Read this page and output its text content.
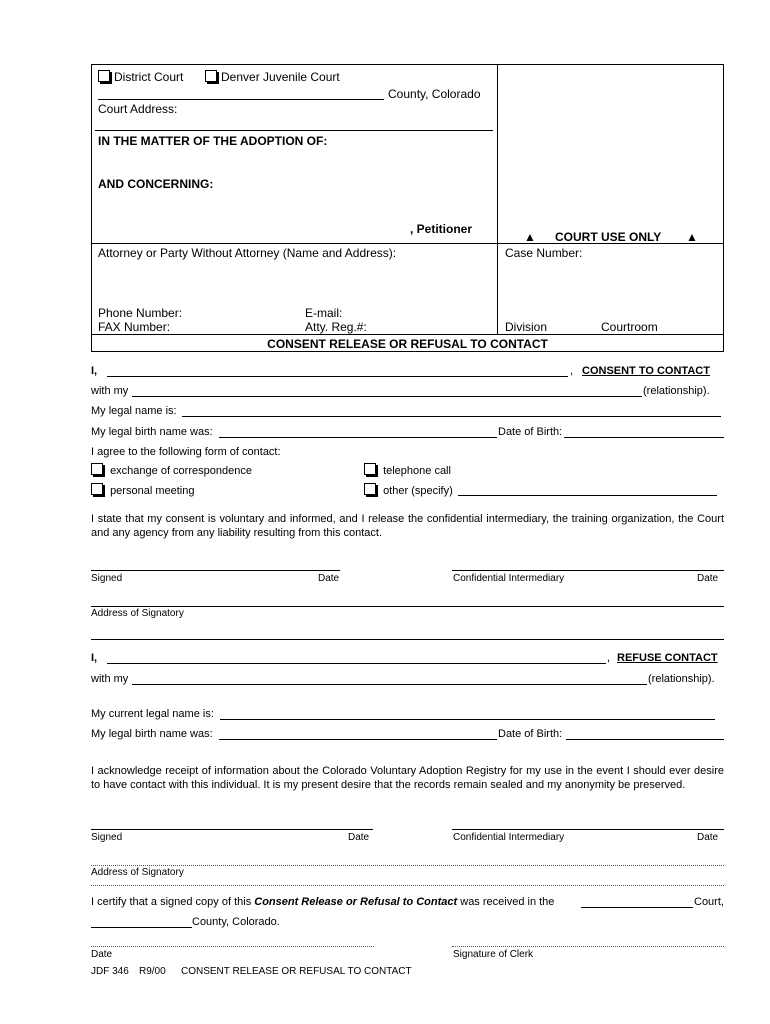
District Court	Denver Juvenile Court
County, Colorado
Court Address:
IN THE MATTER OF THE ADOPTION OF:
AND CONCERNING:
, Petitioner
▲ COURT USE ONLY ▲
Attorney or Party Without Attorney (Name and Address):	Case Number:
Phone Number:	E-mail:
FAX Number:	Atty. Reg.#:	Division	Courtroom
CONSENT RELEASE OR REFUSAL TO CONTACT
I,	, CONSENT TO CONTACT
with my	(relationship).
My legal name is:
My legal birth name was:	Date of Birth:
I agree to the following form of contact:
exchange of correspondence	telephone call
personal meeting	other (specify)
I state that my consent is voluntary and informed, and I release the confidential intermediary, the training organization, the Court and any agency from any liability resulting from this contact.
Signed	Date	Confidential Intermediary	Date
Address of Signatory
I,	, REFUSE CONTACT
with my	(relationship).
My current legal name is:
My legal birth name was:	Date of Birth:
I acknowledge receipt of information about the Colorado Voluntary Adoption Registry for my use in the event I should ever desire to have contact with this individual. It is my present desire that the records remain sealed and my anonymity be preserved.
Signed	Date	Confidential Intermediary	Date
Address of Signatory
I certify that a signed copy of this Consent Release or Refusal to Contact was received in the	Court,
County, Colorado.
Date	Signature of Clerk
JDF 346 R9/00 CONSENT RELEASE OR REFUSAL TO CONTACT
